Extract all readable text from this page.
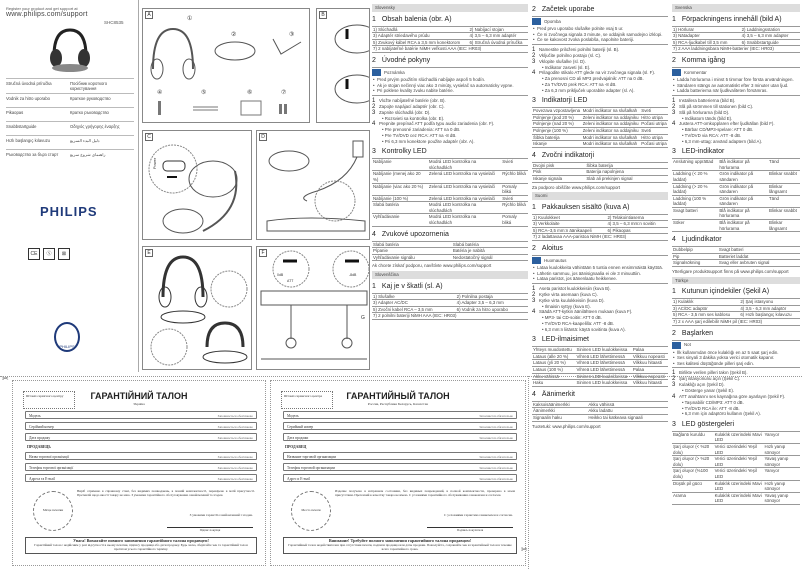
Register your product and get support at
www.philips.com/support
SHC8535
Stručná úvodná príručka	Посібник короткого користування
Vodnik za hitro uporabo	Краткое руководство
Pikaopas	Кратко ръководство
Snabbstartguide	Οδηγός γρήγορης έναρξης
Hızlı başlangıç kılavuzu	دليل البدء السريع
Ръководство за бърз старт	راهنمای شروع سریع
PHILIPS
CE	Ⓢ	⊠
PHILIPS
A
①
②	③
④	⑤	⑥	⑦
B
C
Power
D
E	F
0dB
ATT
-8dB
G
Slovensky
1 Obsah balenia (obr. A)
1) Slúchadlá	2) Nabíjací stojan
3) Adaptér striedavého prúdu	4) 3,5 – 6,3 mm adaptér
5) Zvukový kábel RCA a 3,5 mm konektorom	6) Stručná úvodná príručka
7) 2 nabíjateľné batérie NiMH veľkosti AAA (IEC: HR03)	
2 Úvodné pokyny
Poznámka
• Pred prvým použitím slúchadlá nabíjajte aspoň 5 hodín.
• Ak je stojan nečinný viac ako 3 minúty, vysielač sa automaticky vypne.
• Pri poklese kvality zvuku nabite batérie.
1 Vložte nabíjateľné batérie (obr. B).
2 Zapojte napájací adaptér (obr. C).
3 Zapnite slúchadlá (obr. D).
• Rozsvieti sa kontrolka (obr. E).
4 Prepnite prepínač ATT podľa typu audio zariadenia (obr. F).
• Pre prenosné zariadenia: ATT na 0 dB.
• Pre TV/DVD cez RCA: ATT na -8 dB.
• Pri 6,3 mm konektore použite adaptér (obr. A).
3 Kontrolky LED
Nabíjanie	Modrá LED kontrolka na slúchadlách	Svieti
Nabíjanie (menej ako 20 %)	Zelená LED kontrolka na vysielači	Rýchlo bliká
Nabíjanie (viac ako 20 %)	Zelená LED kontrolka na vysielači	Pomaly bliká
Nabíjanie (100 %)	Zelená LED kontrolka na vysielači	Svieti
Slabá batéria	Modrá LED kontrolka na slúchadlách	Rýchlo bliká
Vyhľadávanie	Modrá LED kontrolka na slúchadlách	Pomaly bliká
4 Zvukové upozornenia
Slabá batéria	Slabá batéria
Pípanie	Batéria je nabitá
Vyhľadávanie signálu	Nedostatočný signál

Ak chcete získať podporu, navštívte www.philips.com/support

Slovenščina
1 Kaj je v škatli (sl. A)
1) Slušalke	2) Polnilna postaja
3) Adapter AC/DC	4) Adapter 3,5 – 6,3 mm
5) Zvočni kabel RCA – 3,5 mm	6) Vodnik za hitro uporabo
7) 2 polnilni bateriji NiMH AAA (IEC: HR03)	
2 Začetek uporabe
Opomba
• Pred prvo uporabo slušalke polnite vsaj 5 ur.
• Če ni zvočnega signala 3 minute, se oddajnik samodejno izklopi.
• Če se kakovost zvoka poslabša, napolnite bateriji.
1 Namestite priloženi polnilni bateriji (sl. B).
2 Vključite polnilno postajo (sl. C).
3 Vklopite slušalke (sl. D).
• Indikator zasveti (sl. E).
4 Prilagodite stikalo ATT glede na vir zvočnega signala (sl. F).
• Za prenosni CD ali MP3 predvajalnik: ATT na 0 dB.
• Za TV/DVD prek RCA: ATT na -8 dB.
• Za 6,3 mm priključek uporabite adapter (sl. A).
3 Indikatorji LED
Povezava vzpostavljena	Modri indikator na slušalkah	Sveti
Polnjenje (pod 20 %)	Zeleni indikator na oddajniku	Hitro utripa
Polnjenje (nad 20 %)	Zeleni indikator na oddajniku	Počasi utripa
Polnjenje (100 %)	Zeleni indikator na oddajniku	Sveti
Šibka baterija	Modri indikator na slušalkah	Hitro utripa
Iskanje	Modri indikator na slušalkah	Počasi utripa
4 Zvočni indikatorji
Dvojni pisk	Šibka baterija
Pisk	Baterija napolnjena
Iskanje signala	Slab ali prekinjen signal

Za podporo obiščite www.philips.com/support

Suomi
1 Pakkauksen sisältö (kuva A)
1) Kuulokkeet	2) Telakointiasema
3) Verkkolaite	4) 3,5 – 6,3 mm:n sovitin
5) RCA–3,5 mm:n äänikaapeli	6) Pikaopas
7) 2 ladattavaa AAA-paristoa NiMH (IEC: HR03)	
2 Aloitus
Huomautus
• Lataa kuulokkeita vähintään 5 tuntia ennen ensimmäistä käyttöä.
• Lähetin sammuu, jos äänisignaalia ei ole 3 minuuttiin.
• Lataa paristot, jos äänenlaatu heikkenee.
1 Aseta paristot kuulokkeisiin (kuva B).
2 Kytke virta asemaan (kuva C).
3 Kytke virta kuulokkeisiin (kuva D).
• Ilmaisin syttyy (kuva E).
4 Säädä ATT-kytkin äänilähteen mukaan (kuva F).
• MP3- tai CD-soitin: ATT 0 dB.
• TV/DVD RCA-kaapelilla: ATT -8 dB.
• 6,3 mm:n liitäntä: käytä sovitinta (kuva A).
3 LED-ilmaisimet
Yhteys muodostettu	Sininen LED kuulokkeissa	Palaa
Lataus (alle 20 %)	Vihreä LED lähettimessä	Vilkkuu nopeasti
Lataus (yli 20 %)	Vihreä LED lähettimessä	Vilkkuu hitaasti
Lataus (100 %)	Vihreä LED lähettimessä	Palaa
Akku vähissä	Sininen LED kuulokkeissa	Vilkkuu nopeasti
Haku	Sininen LED kuulokkeissa	Vilkkuu hitaasti
4 Äänimerkit
Kaksoisäänimerkki	Akku vähissä
Äänimerkki	Akku ladattu
Signaalin haku	Heikko tai katkeava signaali

Tuotetuki: www.philips.com/support

Svenska
1 Förpackningens innehåll (bild A)
1) Hörlurar	2) Laddningsstation
3) Nätadapter	4) 3,5 – 6,3 mm adapter
5) RCA-ljudkabel till 3,5 mm	6) Snabbstartguide
7) 2 AAA laddningsbara NiMH-batterier (IEC: HR03)	
2 Komma igång
Kommentar
• Ladda hörlurarna i minst 5 timmar före första användningen.
• Sändaren stängs av automatiskt efter 3 minuter utan ljud.
• Ladda batterierna när ljudkvaliteten försämras.
1 Installera batterierna (bild B).
2 Slå på strömmen till stationen (bild C).
3 Slå på hörlurarna (bild D).
• Indikatorn tänds (bild E).
4 Justera ATT-omkopplaren efter ljudkällan (bild F).
• Bärbar CD/MP3-spelare: ATT 0 dB.
• TV/DVD via RCA: ATT -8 dB.
• 6,3 mm-uttag: använd adaptern (bild A).
3 LED-indikator
Anslutning upprättad	Blå indikator på hörlurarna	Tänd
Laddning (< 20 % laddat)	Grön indikator på sändaren	Blinkar snabbt
Laddning (> 20 % laddat)	Grön indikator på sändaren	Blinkar långsamt
Laddning (100 % laddat)	Grön indikator på sändaren	Tänd
Svagt batteri	Blå indikator på hörlurarna	Blinkar snabbt
Söker	Blå indikator på hörlurarna	Blinkar långsamt
4 Ljudindikator
Dubbelpip	Svagt batteri
Pip	Batteriet laddat
Signalsökning	Svag eller avbruten signal

Ytterligare produktsupport finns på www.philips.com/support

Türkçe
1 Kutunun içindekiler (Şekil A)
1) Kulaklık	2) Şarj istasyonu
3) AC/DC adaptör	4) 3,5 - 6,3 mm adaptör
5) RCA - 3,5 mm ses kablosu	6) Hızlı başlangıç kılavuzu
7) 2 x AAA şarj edilebilir NiMH pil (IEC: HR03)	
2 Başlarken
Not
• İlk kullanımdan önce kulaklığı en az 5 saat şarj edin.
• Ses sinyali 3 dakika yoksa verici otomatik kapanır.
• Ses kalitesi düştüğünde pilleri şarj edin.
1 Birlikte verilen pilleri takın (Şekil B).
2 Şarj istasyonunu açın (Şekil C).
3 Kulaklığı açın (Şekil D).
• Gösterge yanar (Şekil E).
4 ATT anahtarını ses kaynağına göre ayarlayın (Şekil F).
• Taşınabilir CD/MP3: ATT 0 dB.
• TV/DVD RCA ile: ATT -8 dB.
• 6,3 mm için adaptörü kullanın (Şekil A).
3 LED göstergeleri
Bağlantı kuruldu	Kulaklık üzerindeki Mavi LED	Yanıyor
Şarj oluyor (< %20 dolu)	Verici üzerindeki Yeşil LED	Hızlı yanıp sönüyor
Şarj oluyor (> %20 dolu)	Verici üzerindeki Yeşil LED	Yavaş yanıp sönüyor
Şarj oluyor (%100 dolu)	Verici üzerindeki Yeşil LED	Yanıyor
Düşük pil gücü	Kulaklık üzerindeki Mavi LED	Hızlı yanıp sönüyor
Arama	Kulaklık üzerindeki Mavi LED	Yavaş yanıp sönüyor
✂
✂
Штамп сервісного центру	ГАРАНТІЙНИЙ ТАЛОН
Україна
Модель	Заповнюється обов'язково
Серійний номер	Заповнюється обов'язково
Дата продажу	Заповнюється обов'язково
ПРОДАВЕЦЬ
Назва торгової організації	Заповнюється обов'язково
Телефон торгової організації	Заповнюється обов'язково
Адреса та E-mail	Заповнюється обов'язково
Місце печатки
Виріб отримано в справному стані, без видимих пошкоджень, в повній комплектності, перевірено в моїй присутності. Претензій щодо якості товару не маю. З умовами гарантійного обслуговування ознайомлений та згоден.
З умовами гарантії ознайомлений і згоден.
Підпис покупця
Увага! Вимагайте повного заповнення гарантійного талона продавцем!
Гарантійний талон є недійсним у разі відсутності в ньому печатки, підпису продавця або дати продажу. Будь ласка, зберігайте чек та гарантійний талон протягом усього гарантійного терміну.
Штамп сервисного центра	ГАРАНТИЙНЫЙ ТАЛОН
Россия, Республика Беларусь, Казахстан
Модель	Заполняется обязательно
Серийный номер	Заполняется обязательно
Дата продажи	Заполняется обязательно
ПРОДАВЕЦ
Название торговой организации	Заполняется обязательно
Телефон торговой организации	Заполняется обязательно
Адрес и E-mail	Заполняется обязательно
Место печати
Изделие получено в исправном состоянии, без видимых повреждений, в полной комплектности, проверено в моем присутствии. Претензий к качеству товара не имею. С условиями гарантийного обслуживания ознакомлен и согласен.
С условиями гарантии ознакомлен и согласен.
Подпись покупателя
Внимание! Требуйте полного заполнения гарантийного талона продавцом!
Гарантийный талон недействителен при отсутствии печати, подписи продавца или даты продажи. Пожалуйста, сохраняйте чек и гарантийный талон в течение всего гарантийного срока.
